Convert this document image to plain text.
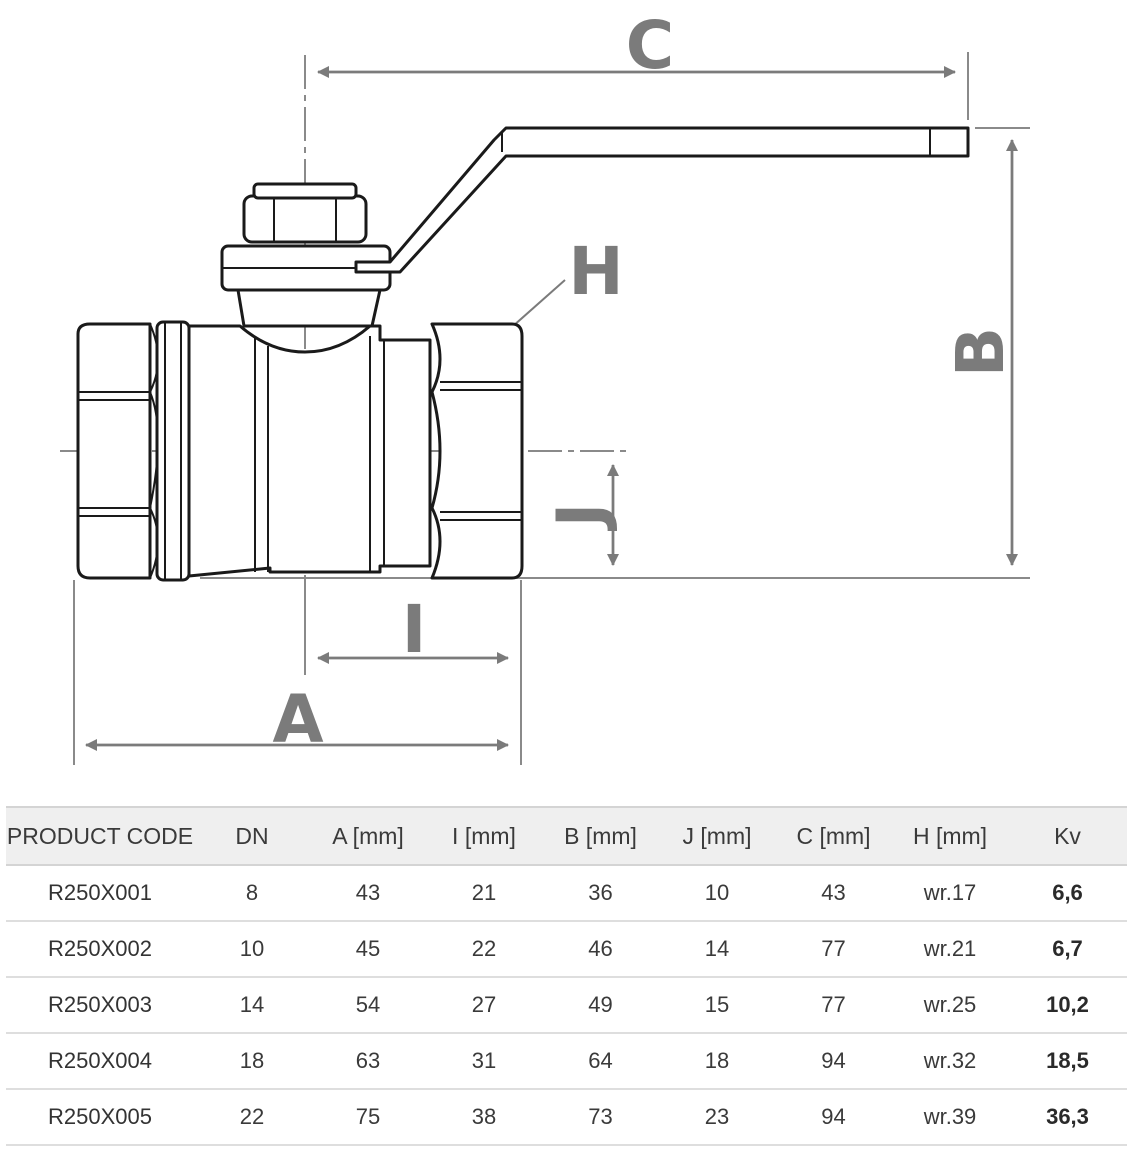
C
H
B
J
I
A
PRODUCT CODE	DN	A [mm]	I [mm]	B [mm]	J [mm]	C [mm]	H [mm]	Kv
R250X001	8	43	21	36	10	43	wr.17	6,6
R250X002	10	45	22	46	14	77	wr.21	6,7
R250X003	14	54	27	49	15	77	wr.25	10,2
R250X004	18	63	31	64	18	94	wr.32	18,5
R250X005	22	75	38	73	23	94	wr.39	36,3
